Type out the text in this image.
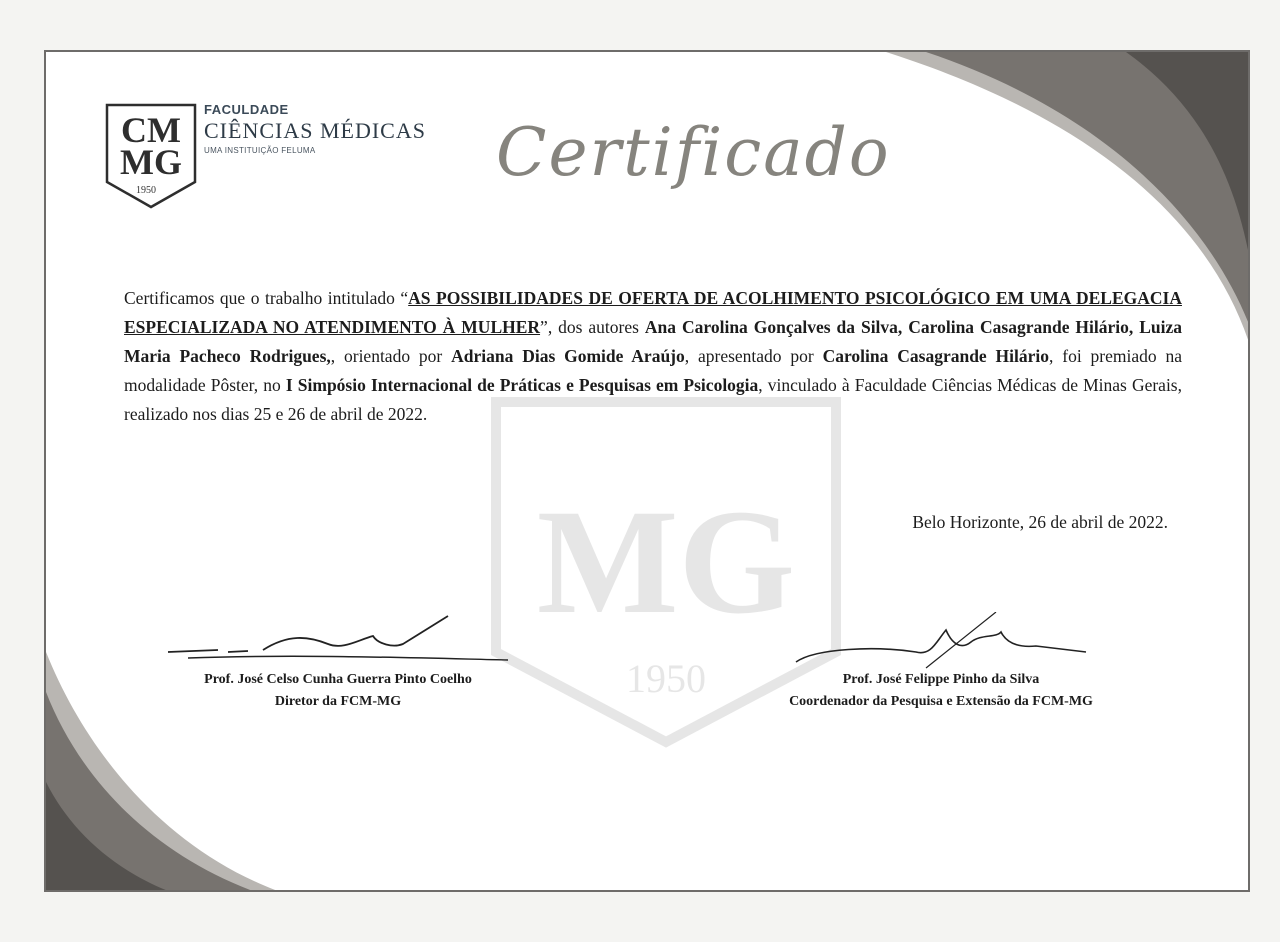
MG
1950
CM
MG
1950
FACULDADE
CIÊNCIAS MÉDICAS
UMA INSTITUIÇÃO FELUMA	Certificado
Certificamos que o trabalho intitulado “AS POSSIBILIDADES DE OFERTA DE ACOLHIMENTO PSICOLÓGICO EM UMA DELEGACIA ESPECIALIZADA NO ATENDIMENTO À MULHER”, dos autores Ana Carolina Gonçalves da Silva, Carolina Casagrande Hilário, Luiza Maria Pacheco Rodrigues,, orientado por Adriana Dias Gomide Araújo, apresentado por Carolina Casagrande Hilário, foi premiado na modalidade Pôster, no I Simpósio Internacional de Práticas e Pesquisas em Psicologia, vinculado à Faculdade Ciências Médicas de Minas Gerais, realizado nos dias 25 e 26 de abril de 2022.
Belo Horizonte, 26 de abril de 2022.
Prof. José Celso Cunha Guerra Pinto Coelho
Diretor da FCM-MG
Prof. José Felippe Pinho da Silva
Coordenador da Pesquisa e Extensão da FCM-MG
